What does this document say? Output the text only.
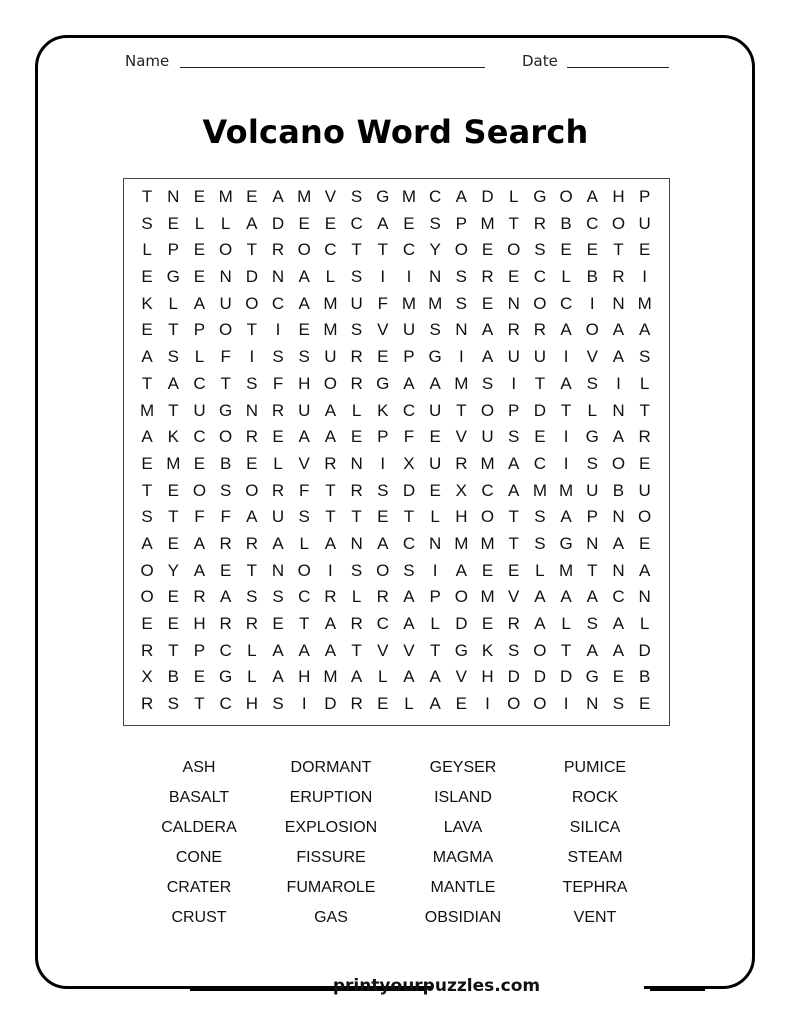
Name	Date
Volcano Word Search
T N E M E A M V S G M C A D L G O A H P
S E L L A D E E C A E S P M T R B C O U
L P E O T R O C T T C Y O E O S E E T E
E G E N D N A L S	I	I	N S R E C L B R	I
K L A U O C A M U F M M S E N O C	I	N M
E T P O T	I	E M S V U S N A R R A O A A
A S L F	I	S S U R E P G	I	A U U	I	V A S
T A C T S F H O R G A A M S	I	T A S	I	L
M T U G N R U A L K C U T O P D T L N T
A K C O R E A A E P F E V U S E	I	G A R
E M E B E L V R N	I	X U R M A C	I	S O E
T E O S O R F T R S D E X C A M M U B U
S T F F A U S T T E T L H O T S A P N O
A E A R R A L A N A C N M M T S G N A E
O Y A E T N O	I	S O S	I	A E E L M T N A
O E R A S S C R L R A P O M V A A A C N
E E H R R E T A R C A L D E R A L S A L
R T P C L A A A T V V T G K S O T A A D
X B E G L A H M A L A A V H D D D G E B
R S T C H S	I	D R E L A E	I	O O	I	N S E
ASH	DORMANT	GEYSER	PUMICE
BASALT	ERUPTION	ISLAND	ROCK
CALDERA	EXPLOSION	LAVA	SILICA
CONE	FISSURE	MAGMA	STEAM
CRATER	FUMAROLE	MANTLE	TEPHRA
CRUST	GAS	OBSIDIAN	VENT
printyourpuzzles.com
